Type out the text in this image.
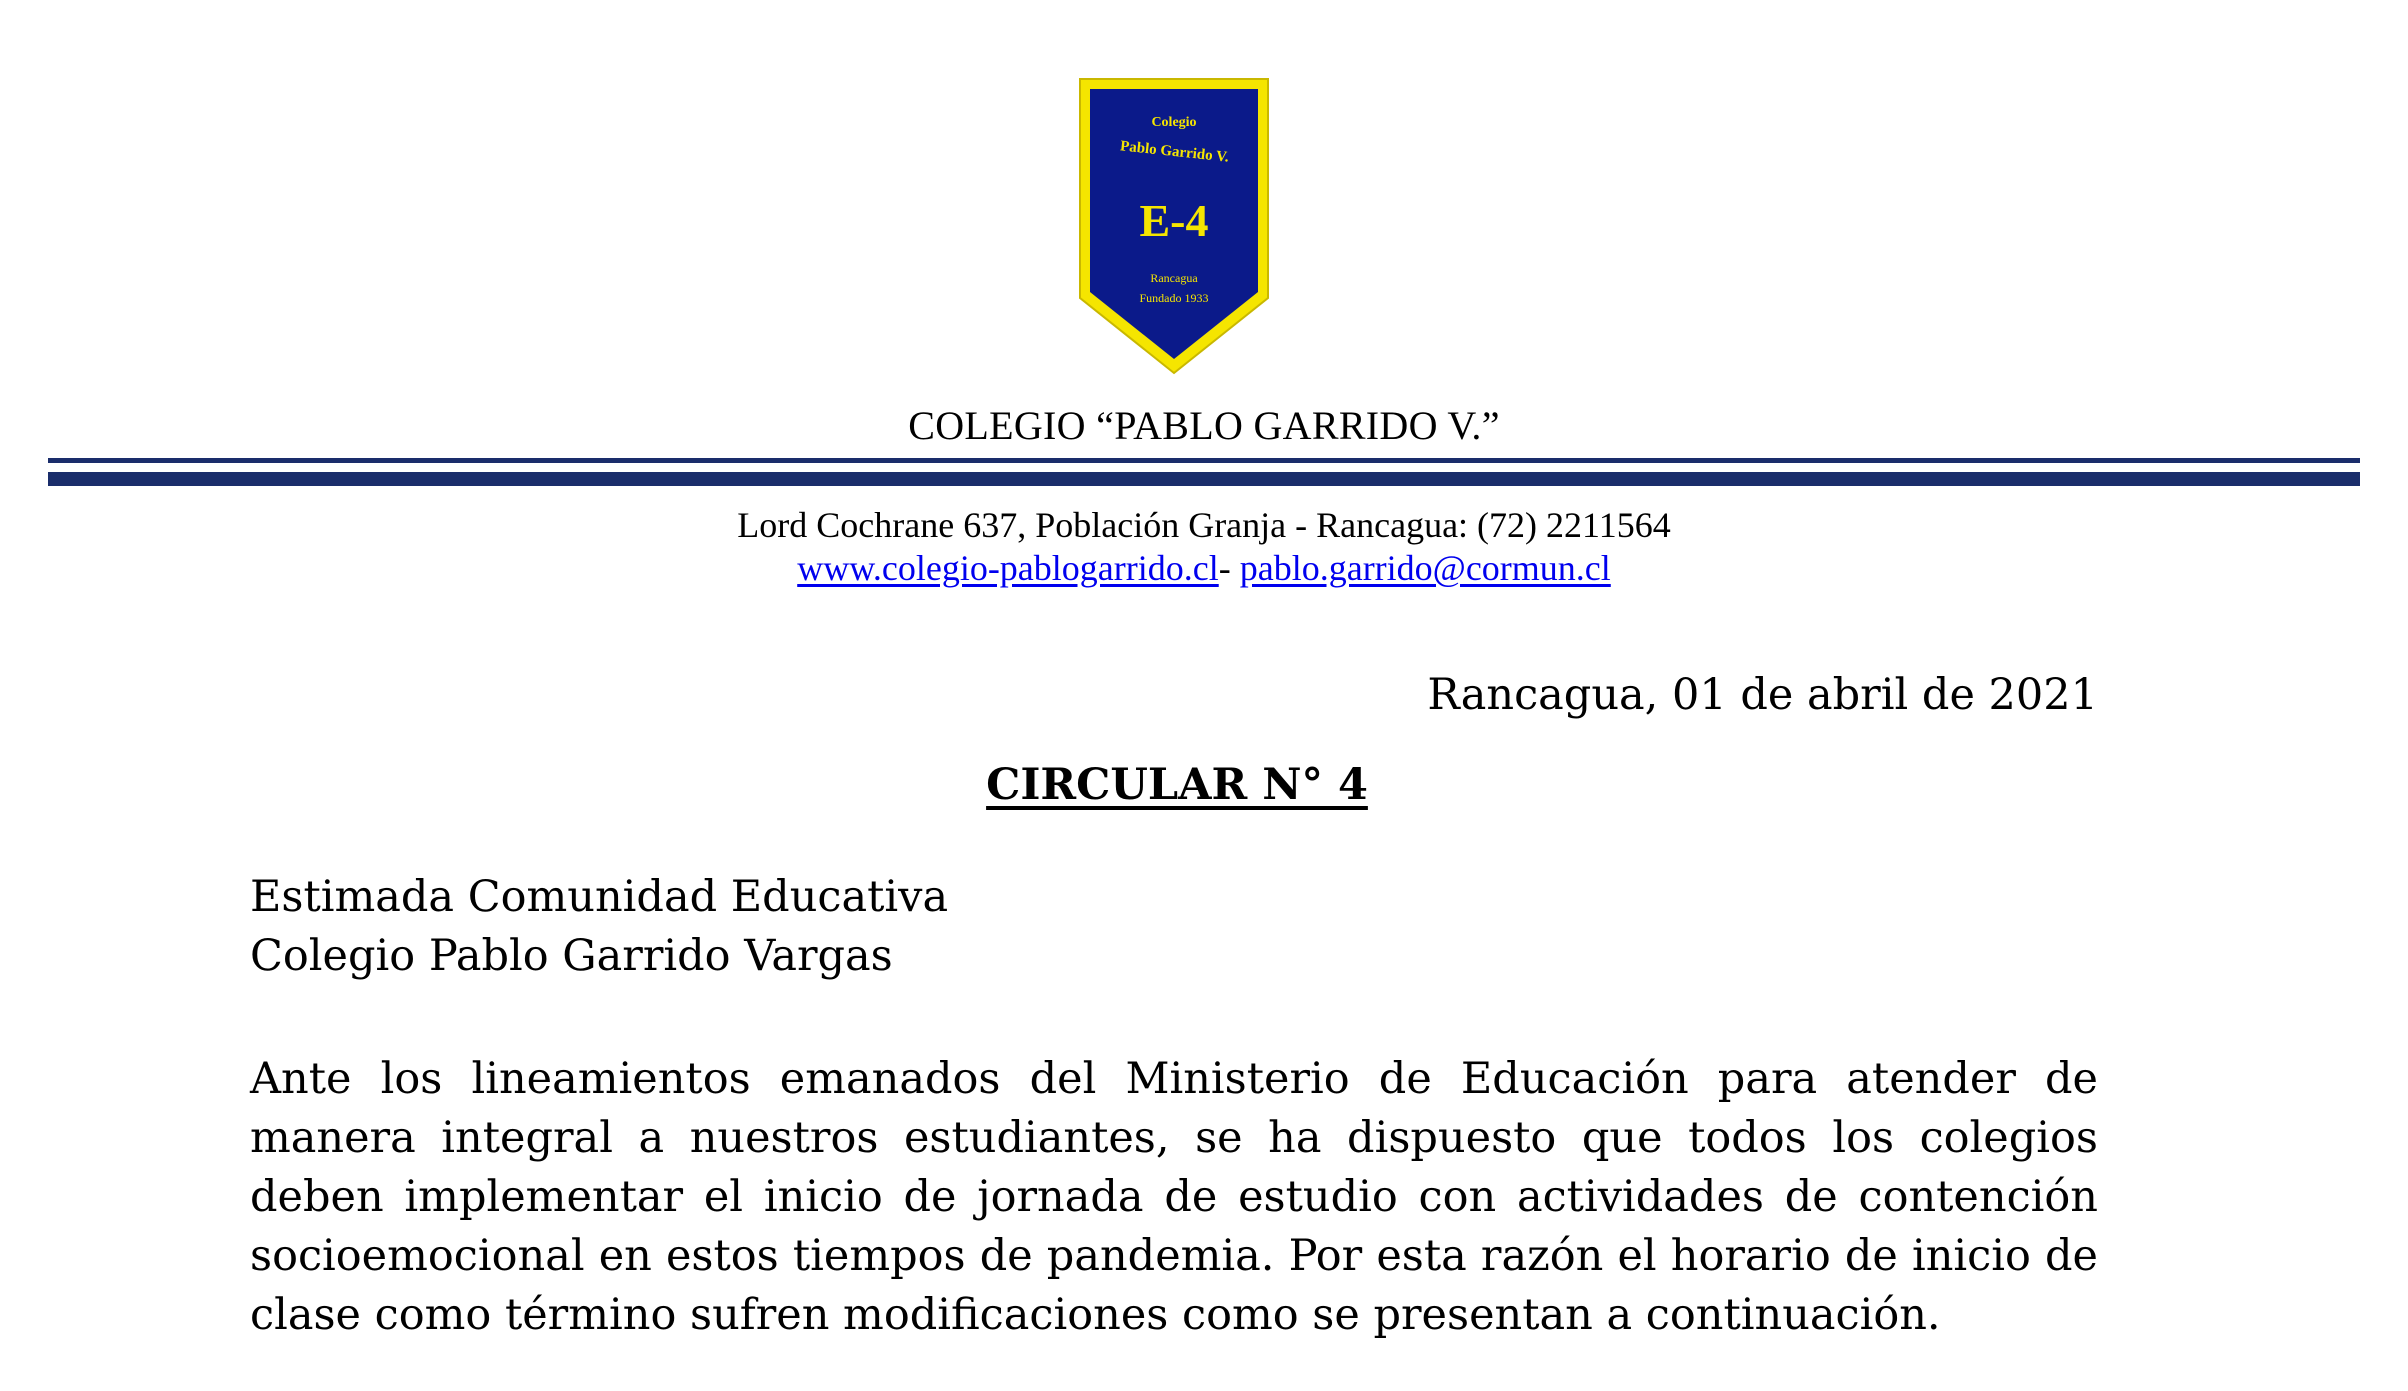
Colegio
Pablo Garrido V.
E-4
Rancagua
Fundado 1933
COLEGIO “PABLO GARRIDO V.”
Lord Cochrane 637, Población Granja - Rancagua: (72) 2211564
www.colegio-pablogarrido.cl- pablo.garrido@cormun.cl
Rancagua, 01 de abril de 2021
CIRCULAR N° 4
Estimada Comunidad Educativa
Colegio Pablo Garrido Vargas

Ante los lineamientos emanados del Ministerio de Educación para atender de manera integral a nuestros estudiantes, se ha dispuesto que todos los colegios deben implementar el inicio de jornada de estudio con actividades de contención socioemocional en estos tiempos de pandemia. Por esta razón el horario de inicio de clase como término sufren modificaciones como se presentan a continuación.
